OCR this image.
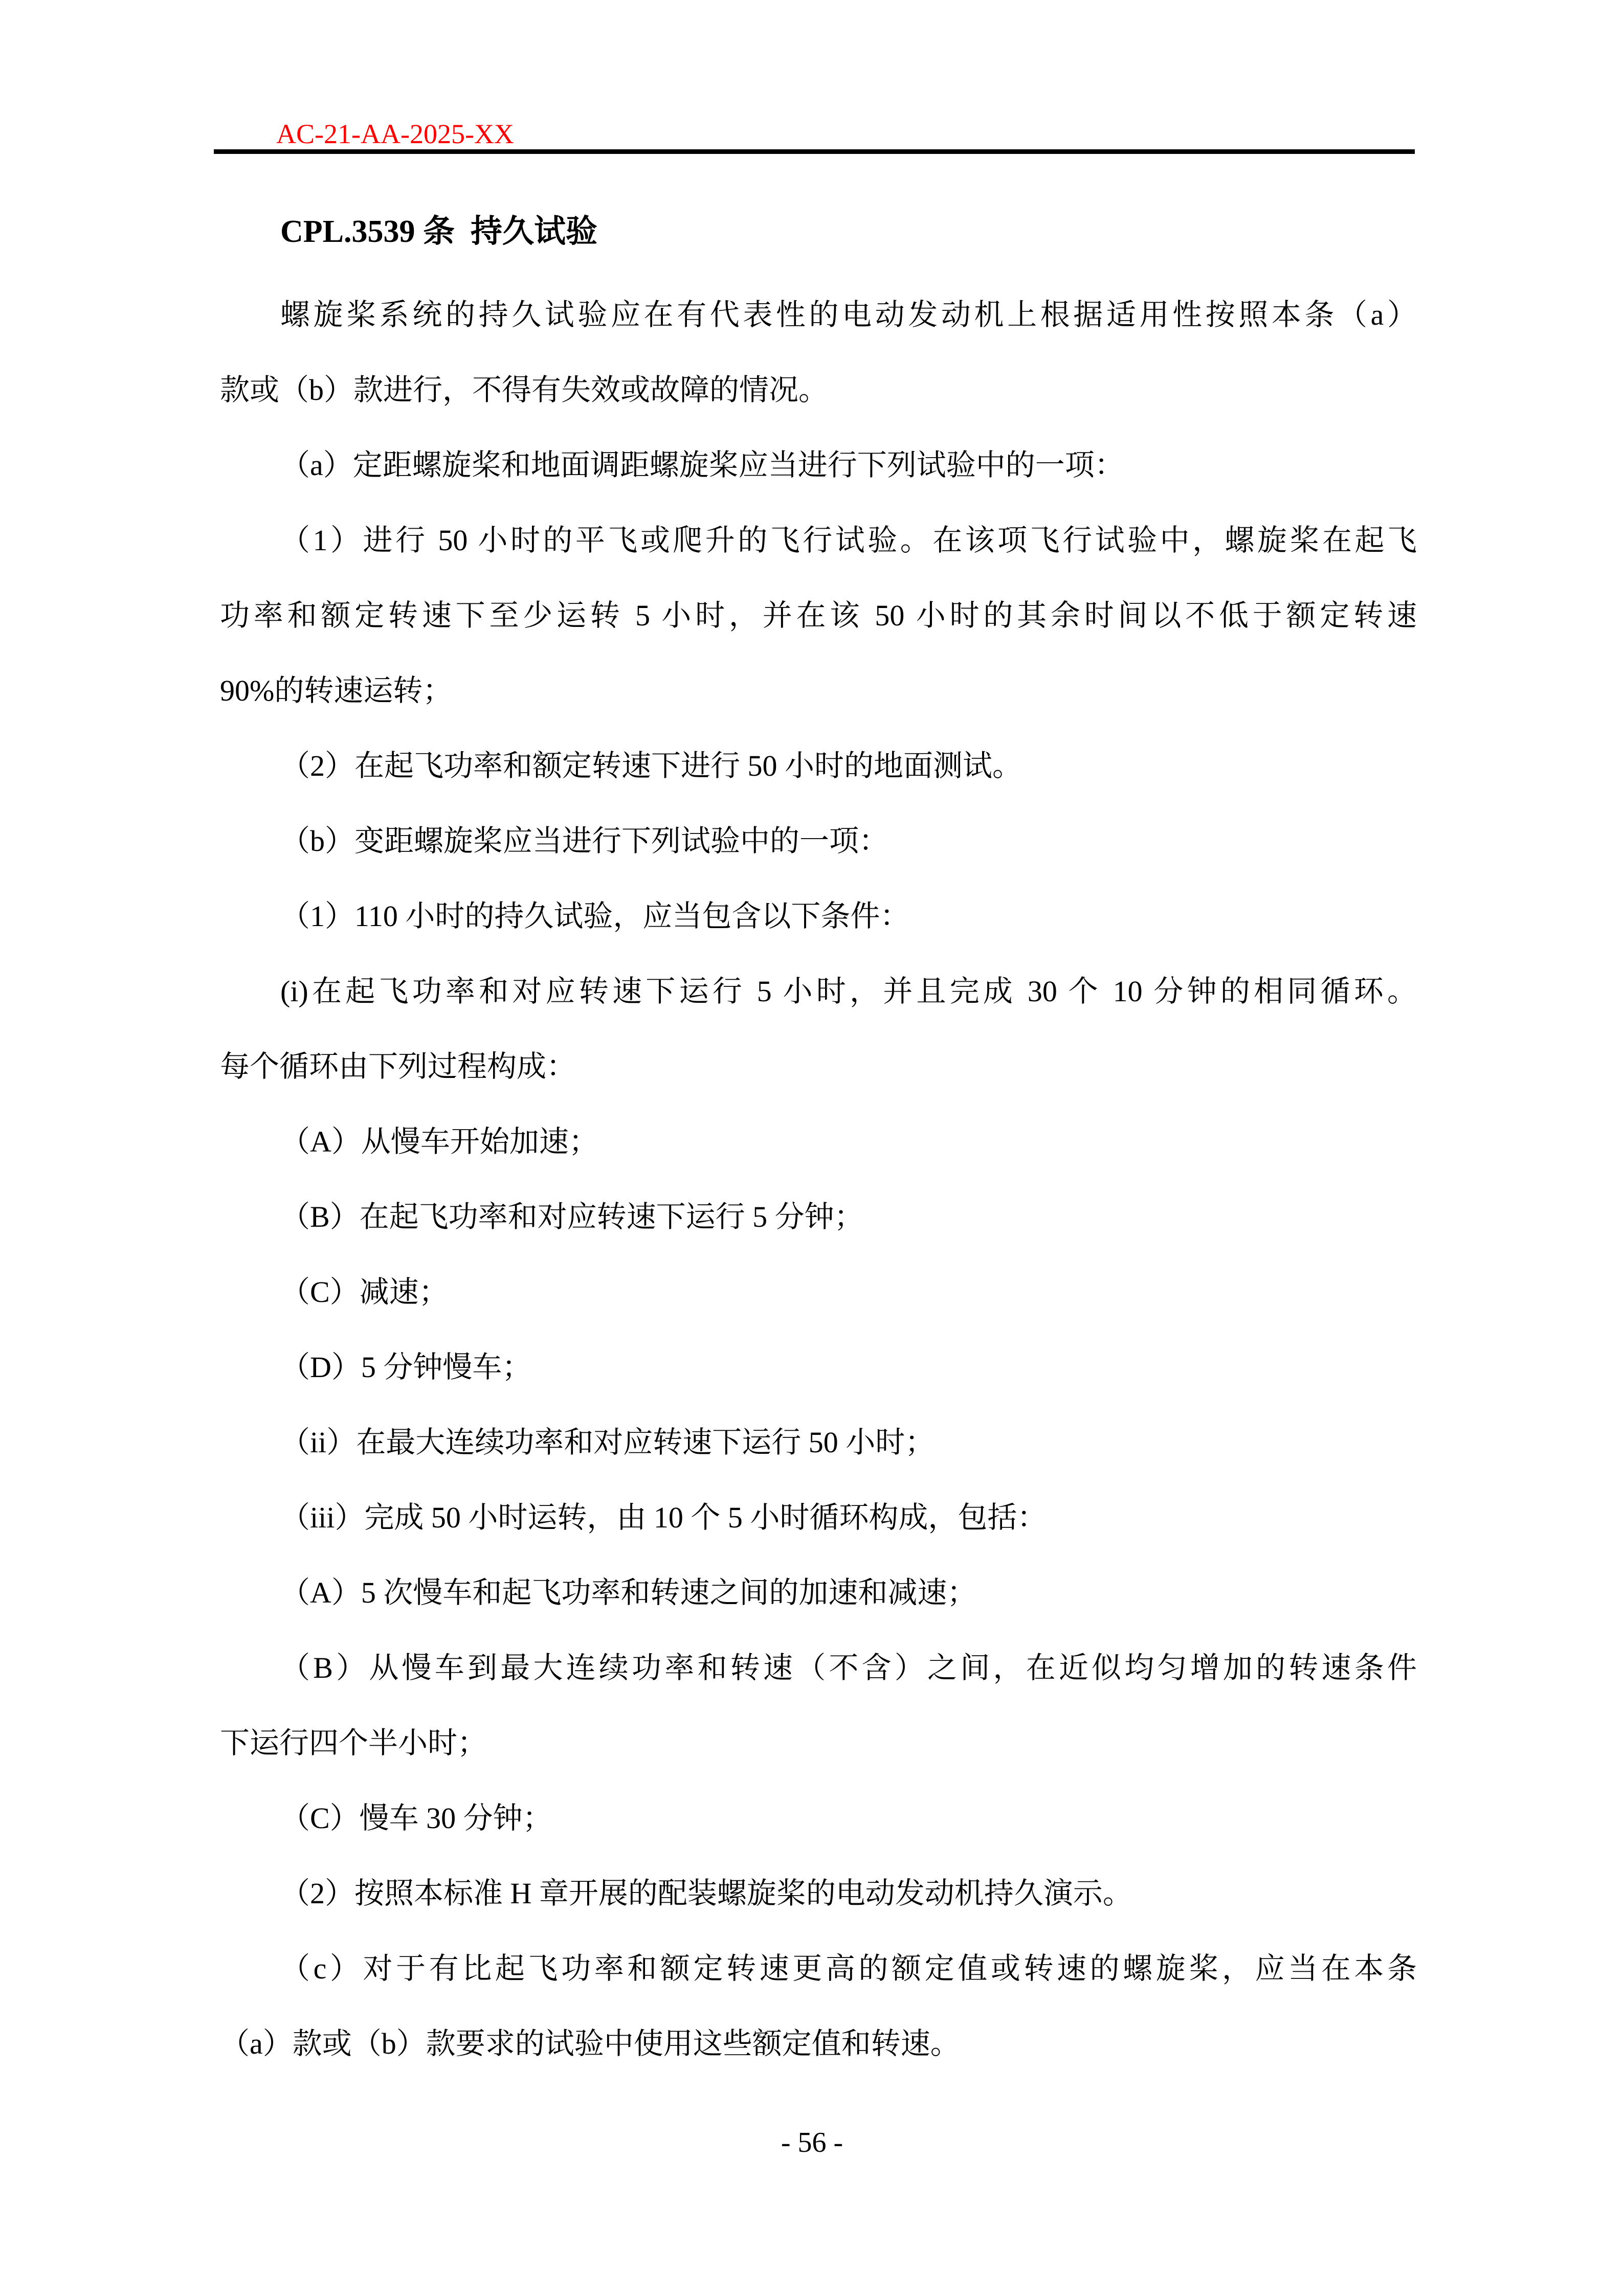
AC-21-AA-2025-XX
CPL.3539 条  持久试验
螺旋桨系统的持久试验应在有代表性的电动发动机上根据适用性按照本条（a）
款或（b）款进行，不得有失效或故障的情况。
（a）定距螺旋桨和地面调距螺旋桨应当进行下列试验中的一项：
（1）进行 50 小时的平飞或爬升的飞行试验。在该项飞行试验中，螺旋桨在起飞
功率和额定转速下至少运转 5 小时，并在该 50 小时的其余时间以不低于额定转速
90%的转速运转；
（2）在起飞功率和额定转速下进行 50 小时的地面测试。
（b）变距螺旋桨应当进行下列试验中的一项：
（1）110 小时的持久试验，应当包含以下条件：
(i)在起飞功率和对应转速下运行 5 小时，并且完成 30 个 10 分钟的相同循环。
每个循环由下列过程构成：
（A）从慢车开始加速；
（B）在起飞功率和对应转速下运行 5 分钟；
（C）减速；
（D）5 分钟慢车；
（ii）在最大连续功率和对应转速下运行 50 小时；
（iii）完成 50 小时运转，由 10 个 5 小时循环构成，包括：
（A）5 次慢车和起飞功率和转速之间的加速和减速；
（B）从慢车到最大连续功率和转速（不含）之间，在近似均匀增加的转速条件
下运行四个半小时；
（C）慢车 30 分钟；
（2）按照本标准 H 章开展的配装螺旋桨的电动发动机持久演示。
（c）对于有比起飞功率和额定转速更高的额定值或转速的螺旋桨，应当在本条
（a）款或（b）款要求的试验中使用这些额定值和转速。
- 56 -
